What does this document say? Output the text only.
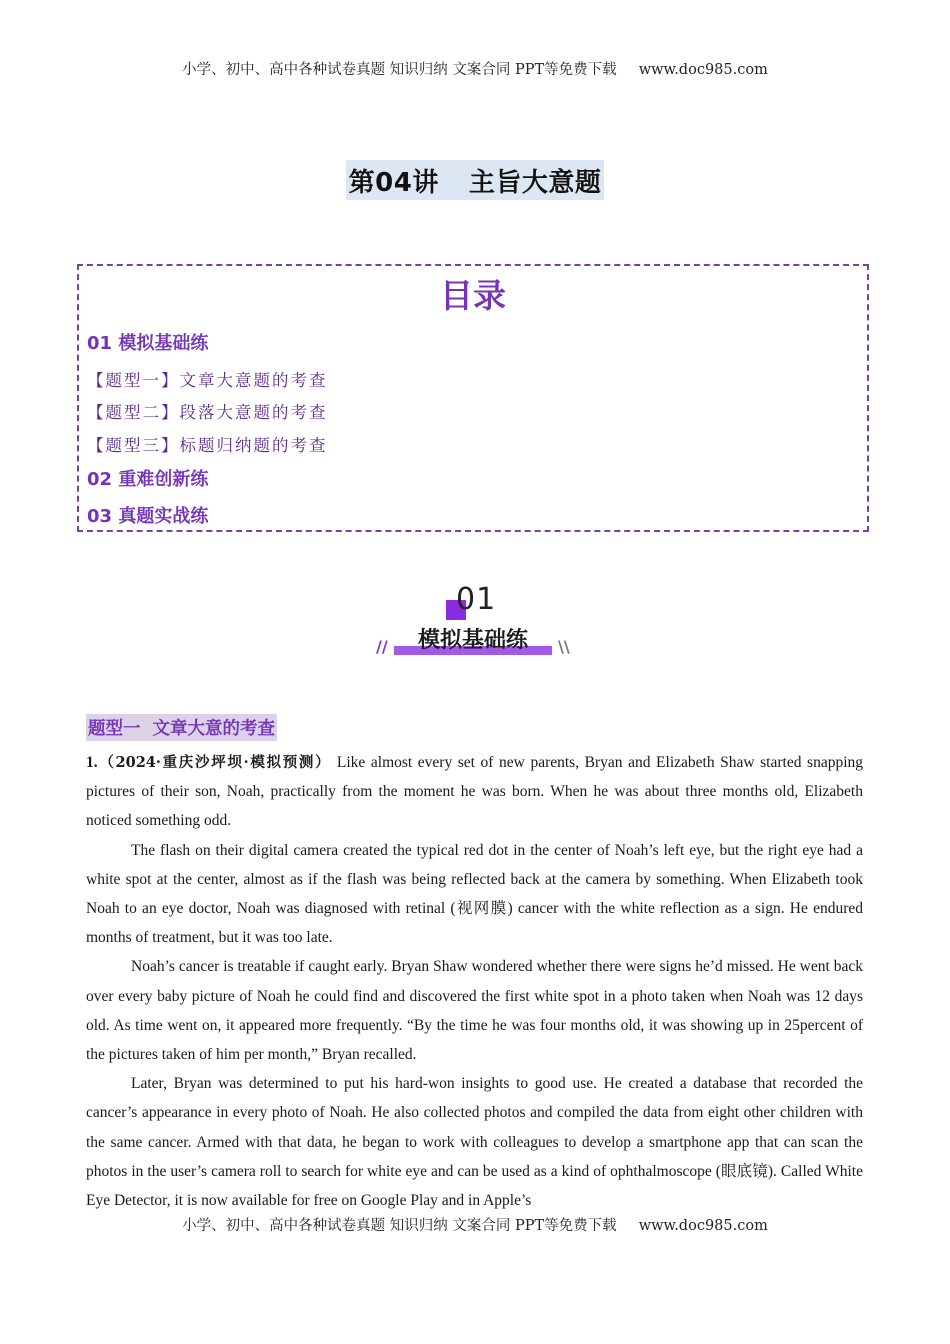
小学、初中、高中各种试卷真题 知识归纳 文案合同 PPT等免费下载 www.doc985.com
第04讲 主旨大意题
目录
01 模拟基础练
【题型一】文章大意题的考查
【题型二】段落大意题的考查
【题型三】标题归纳题的考查
02 重难创新练
03 真题实战练
01
模拟基础练
//	\\
题型一 文章大意的考查

1.（2024·重庆沙坪坝·模拟预测） Like almost every set of new parents, Bryan and Elizabeth Shaw started snapping pictures of their son, Noah, practically from the moment he was born. When he was about three months old, Elizabeth noticed something odd.

The flash on their digital camera created the typical red dot in the center of Noah’s left eye, but the right eye had a white spot at the center, almost as if the flash was being reflected back at the camera by something. When Elizabeth took Noah to an eye doctor, Noah was diagnosed with retinal (视网膜) cancer with the white reflection as a sign. He endured months of treatment, but it was too late.

Noah’s cancer is treatable if caught early. Bryan Shaw wondered whether there were signs he’d missed. He went back over every baby picture of Noah he could find and discovered the first white spot in a photo taken when Noah was 12 days old. As time went on, it appeared more frequently. “By the time he was four months old, it was showing up in 25percent of the pictures taken of him per month,” Bryan recalled.

Later, Bryan was determined to put his hard-won insights to good use. He created a database that recorded the cancer’s appearance in every photo of Noah. He also collected photos and compiled the data from eight other children with the same cancer. Armed with that data, he began to work with colleagues to develop a smartphone app that can scan the photos in the user’s camera roll to search for white eye and can be used as a kind of ophthalmoscope (眼底镜). Called White Eye Detector, it is now available for free on Google Play and in Apple’s

小学、初中、高中各种试卷真题 知识归纳 文案合同 PPT等免费下载 www.doc985.com
